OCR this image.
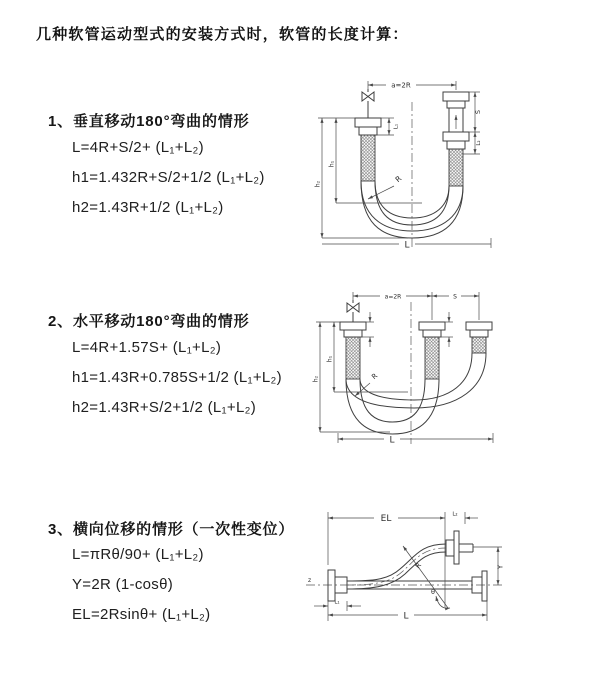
几种软管运动型式的安装方式时，软管的长度计算：
1、垂直移动180°弯曲的情形
L=4R+S/2+ (L₁+L₂)
h1=1.432R+S/2+1/2 (L₁+L₂)
h2=1.43R+1/2 (L₁+L₂)
2、水平移动180°弯曲的情形
L=4R+1.57S+ (L₁+L₂)
h1=1.43R+0.785S+1/2 (L₁+L₂)
h2=1.43R+S/2+1/2 (L₁+L₂)
3、横向位移的情形（一次性变位）
L=πRθ/90+ (L₁+L₂)
Y=2R (1-cosθ)
EL=2Rsinθ+ (L₁+L₂)
a=2R
h₂
h₁
L₁
S
L₂
R
L
a=2R	S
h₂
h₁
R
L
z
EL	L₂
Y
L
L₁
R
θ
